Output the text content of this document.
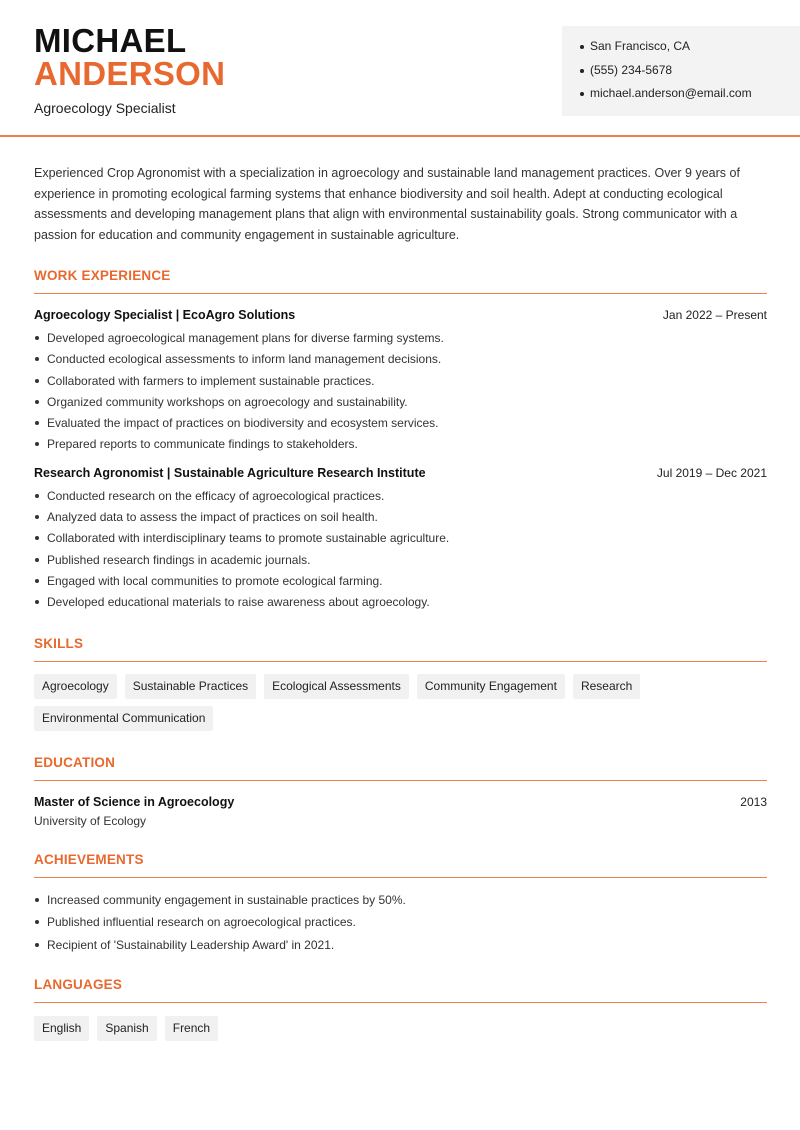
MICHAEL
ANDERSON
Agroecology Specialist
San Francisco, CA
(555) 234-5678
michael.anderson@email.com

Experienced Crop Agronomist with a specialization in agroecology and sustainable land management practices. Over 9 years of experience in promoting ecological farming systems that enhance biodiversity and soil health. Adept at conducting ecological assessments and developing management plans that align with environmental sustainability goals. Strong communicator with a passion for education and community engagement in sustainable agriculture.

WORK EXPERIENCE
Agroecology Specialist | EcoAgro Solutions	Jan 2022 – Present
Developed agroecological management plans for diverse farming systems.
Conducted ecological assessments to inform land management decisions.
Collaborated with farmers to implement sustainable practices.
Organized community workshops on agroecology and sustainability.
Evaluated the impact of practices on biodiversity and ecosystem services.
Prepared reports to communicate findings to stakeholders.
Research Agronomist | Sustainable Agriculture Research Institute	Jul 2019 – Dec 2021
Conducted research on the efficacy of agroecological practices.
Analyzed data to assess the impact of practices on soil health.
Collaborated with interdisciplinary teams to promote sustainable agriculture.
Published research findings in academic journals.
Engaged with local communities to promote ecological farming.
Developed educational materials to raise awareness about agroecology.
SKILLS
Agroecology	Sustainable Practices	Ecological Assessments	Community Engagement	Research
Environmental Communication
EDUCATION
Master of Science in Agroecology	2013
University of Ecology
ACHIEVEMENTS
Increased community engagement in sustainable practices by 50%.
Published influential research on agroecological practices.
Recipient of 'Sustainability Leadership Award' in 2021.
LANGUAGES
English	Spanish	French
